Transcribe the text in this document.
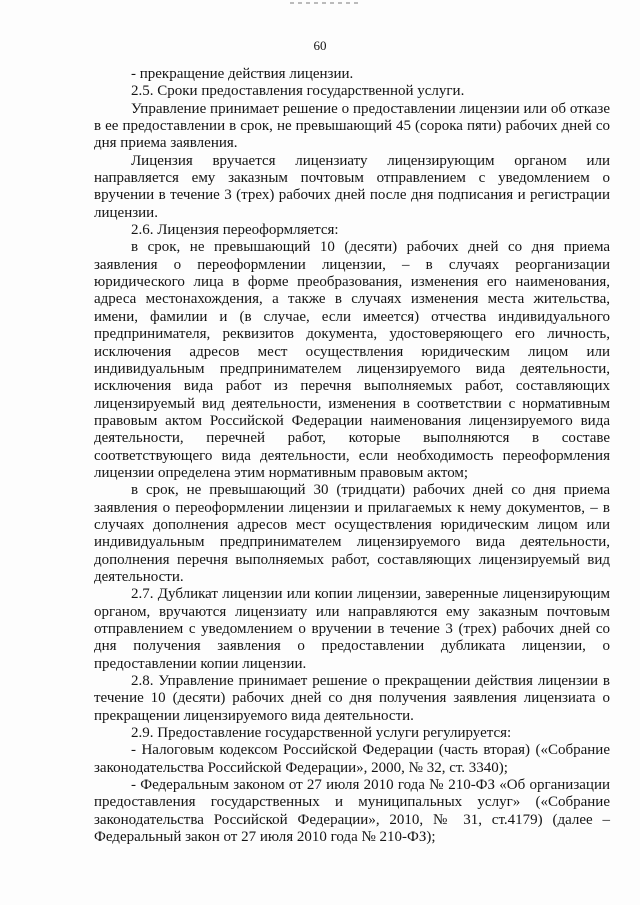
60

- прекращение действия лицензии.

2.5. Сроки предоставления государственной услуги.

Управление принимает решение о предоставлении лицензии или об отказе в ее предоставлении в срок, не превышающий 45 (сорока пяти) рабочих дней со дня приема заявления.

Лицензия вручается лицензиату лицензирующим органом или направляется ему заказным почтовым отправлением с уведомлением о вручении в течение 3 (трех) рабочих дней после дня подписания и регистрации лицензии.

2.6. Лицензия переоформляется:

в срок, не превышающий 10 (десяти) рабочих дней со дня приема заявления о переоформлении лицензии, – в случаях реорганизации юридического лица в форме преобразования, изменения его наименования, адреса местонахождения, а также в случаях изменения места жительства, имени, фамилии и (в случае, если имеется) отчества индивидуального предпринимателя, реквизитов документа, удостоверяющего его личность, исключения адресов мест осуществления юридическим лицом или индивидуальным предпринимателем лицензируемого вида деятельности, исключения вида работ из перечня выполняемых работ, составляющих лицензируемый вид деятельности, изменения в соответствии с нормативным правовым актом Российской Федерации наименования лицензируемого вида деятельности, перечней работ, которые выполняются в составе соответствующего вида деятельности, если необходимость переоформления лицензии определена этим нормативным правовым актом;

в срок, не превышающий 30 (тридцати) рабочих дней со дня приема заявления о переоформлении лицензии и прилагаемых к нему документов, – в случаях дополнения адресов мест осуществления юридическим лицом или индивидуальным предпринимателем лицензируемого вида деятельности, дополнения перечня выполняемых работ, составляющих лицензируемый вид деятельности.

2.7. Дубликат лицензии или копии лицензии, заверенные лицензирующим органом, вручаются лицензиату или направляются ему заказным почтовым отправлением с уведомлением о вручении в течение 3 (трех) рабочих дней со дня получения заявления о предоставлении дубликата лицензии, о предоставлении копии лицензии.

2.8. Управление принимает решение о прекращении действия лицензии в течение 10 (десяти) рабочих дней со дня получения заявления лицензиата о прекращении лицензируемого вида деятельности.

2.9. Предоставление государственной услуги регулируется:

- Налоговым кодексом Российской Федерации (часть вторая) («Собрание законодательства Российской Федерации», 2000, № 32, ст. 3340);

- Федеральным законом от 27 июля 2010 года № 210-ФЗ «Об организации предоставления государственных и муниципальных услуг» («Собрание законодательства Российской Федерации», 2010, № 31, ст.4179) (далее – Федеральный закон от 27 июля 2010 года № 210-ФЗ);
